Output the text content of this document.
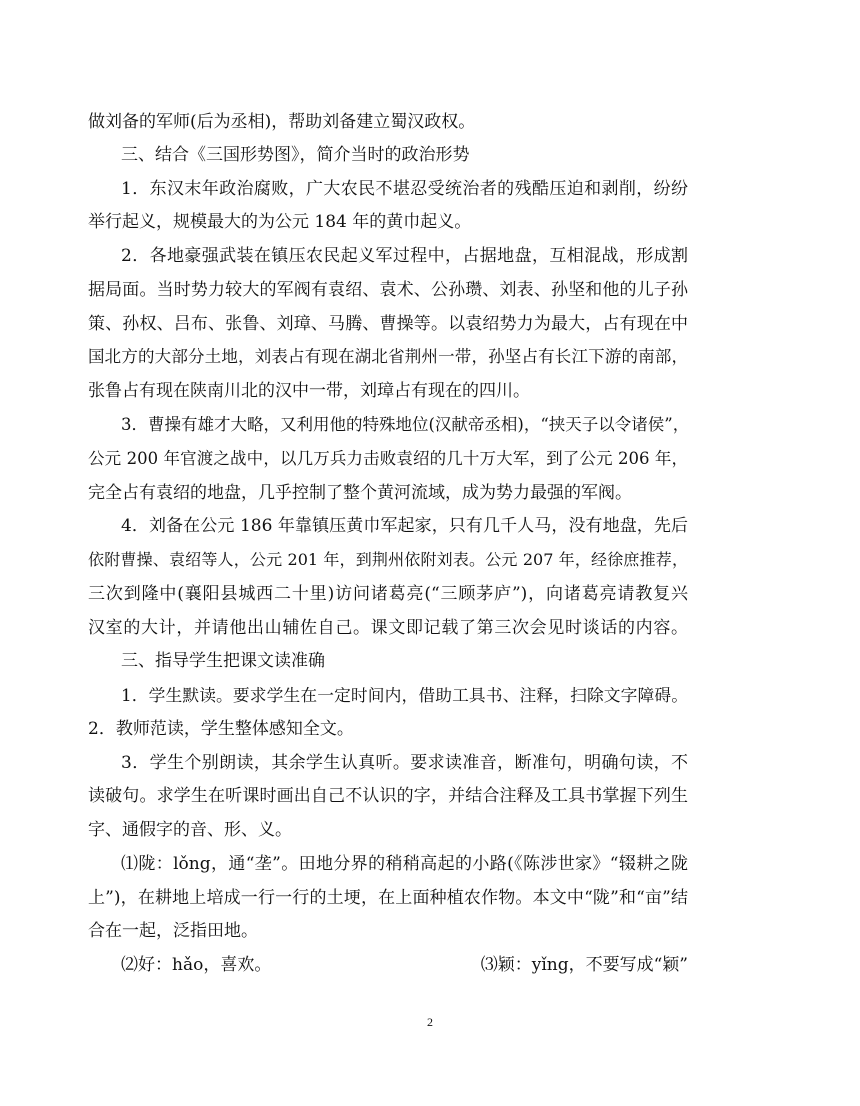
做刘备的军师(后为丞相)，帮助刘备建立蜀汉政权。
三、结合《三国形势图》，简介当时的政治形势
1．东汉末年政治腐败，广大农民不堪忍受统治者的残酷压迫和剥削，纷纷
举行起义，规模最大的为公元 184 年的黄巾起义。
2．各地豪强武装在镇压农民起义军过程中，占据地盘，互相混战，形成割
据局面。当时势力较大的军阀有袁绍、袁术、公孙瓒、刘表、孙坚和他的儿子孙
策、孙权、吕布、张鲁、刘璋、马腾、曹操等。以袁绍势力为最大，占有现在中
国北方的大部分土地，刘表占有现在湖北省荆州一带，孙坚占有长江下游的南部，
张鲁占有现在陕南川北的汉中一带，刘璋占有现在的四川。
3．曹操有雄才大略，又利用他的特殊地位(汉献帝丞相)，“挟天子以令诸侯”，
公元 200 年官渡之战中，以几万兵力击败袁绍的几十万大军，到了公元 206 年，
完全占有袁绍的地盘，几乎控制了整个黄河流域，成为势力最强的军阀。
4．刘备在公元 186 年靠镇压黄巾军起家，只有几千人马，没有地盘，先后
依附曹操、袁绍等人，公元 201 年，到荆州依附刘表。公元 207 年，经徐庶推荐，
三次到隆中(襄阳县城西二十里)访问诸葛亮(“三顾茅庐”)，向诸葛亮请教复兴
汉室的大计，并请他出山辅佐自己。课文即记载了第三次会见时谈话的内容。
三、指导学生把课文读准确
1．学生默读。要求学生在一定时间内，借助工具书、注释，扫除文字障碍。
2．教师范读，学生整体感知全文。
3．学生个别朗读，其余学生认真听。要求读准音，断准句，明确句读，不
读破句。求学生在听课时画出自己不认识的字，并结合注释及工具书掌握下列生
字、通假字的音、形、义。
⑴陇：lǒng，通“垄”。田地分界的稍稍高起的小路(《陈涉世家》“辍耕之陇
上”)，在耕地上培成一行一行的土埂，在上面种植农作物。本文中“陇”和“亩”结
合在一起，泛指田地。
⑵好：hǎo，喜欢。	⑶颖：yǐng，不要写成“颖”
2
